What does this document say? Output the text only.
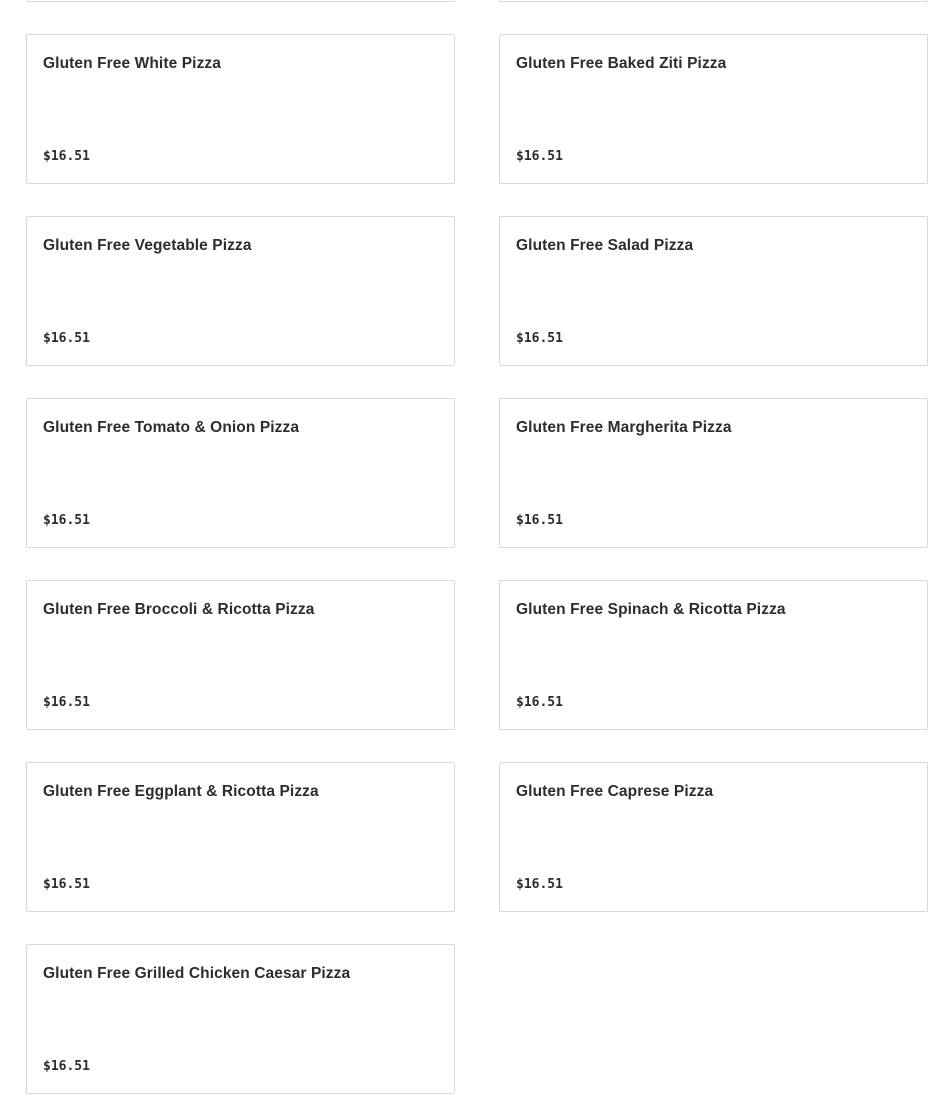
Gluten Free White Pizza
$16.51
Gluten Free Baked Ziti Pizza
$16.51
Gluten Free Vegetable Pizza
$16.51
Gluten Free Salad Pizza
$16.51
Gluten Free Tomato & Onion Pizza
$16.51
Gluten Free Margherita Pizza
$16.51
Gluten Free Broccoli & Ricotta Pizza
$16.51
Gluten Free Spinach & Ricotta Pizza
$16.51
Gluten Free Eggplant & Ricotta Pizza
$16.51
Gluten Free Caprese Pizza
$16.51
Gluten Free Grilled Chicken Caesar Pizza
$16.51
